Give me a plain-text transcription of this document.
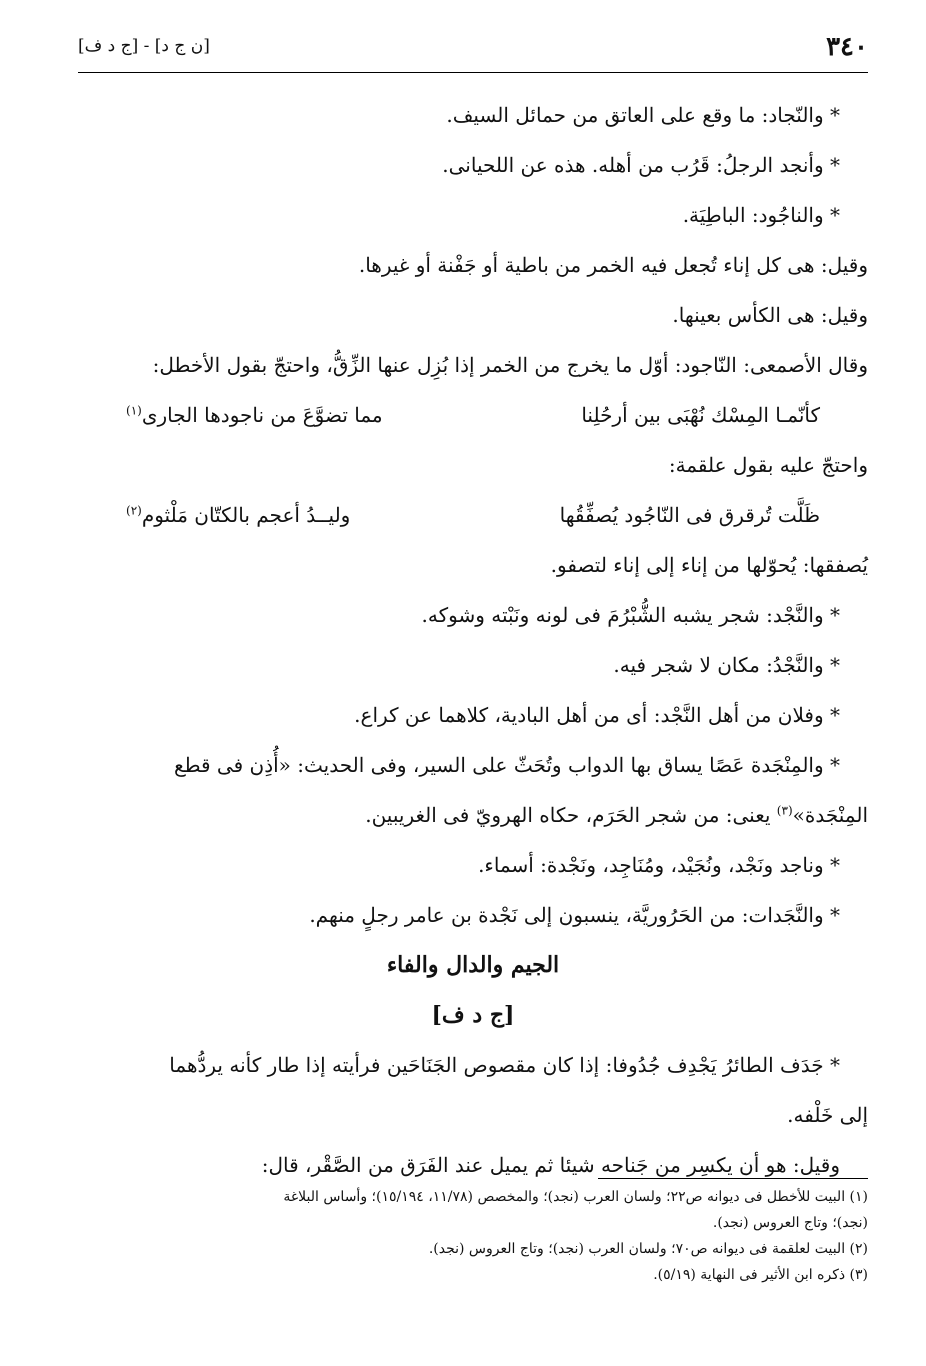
٣٤٠
[ن ج د] - [ج د ف]

* والنّجاد: ما وقع على العاتق من حمائل السيف.

* وأنجد الرجلُ: قَرُب من أهله. هذه عن اللحيانى.

* والناجُود: الباطِيَة.

وقيل: هى كل إناء تُجعل فيه الخمر من باطية أو جَفْنة أو غيرها.

وقيل: هى الكأس بعينها.

وقال الأصمعى: النّاجود: أوّل ما يخرج من الخمر إذا بُزِل عنها الزِّقُّ، واحتجّ بقول الأخطل:

كأنّمـا المِسْك نُهْبَى بين أرحُلِنا
مما تضوَّعَ من ناجودها الجارى$^{(١)}$

واحتجّ عليه بقول علقمة:

ظَلَّت تُرقرق فى النّاجُود يُصفِّقُها
وليــدُ أعجم بالكتّان مَلْثوم$^{(٢)}$

يُصفقها: يُحوّلها من إناء إلى إناء لتصفو.

* والنَّجْد: شجر يشبه الشُّبْرُمَ فى لونه ونَبْته وشوكه.

* والنَّجْدُ: مكان لا شجر فيه.

* وفلان من أهل النَّجْد: أى من أهل البادية، كلاهما عن كراع.

* والمِنْجَدة عَصًا يساق بها الدواب وتُحَثّ على السير، وفى الحديث: «أُذِن فى قطع

المِنْجَدة»$^{(٣)}$ يعنى: من شجر الحَرَم، حكاه الهرويّ فى الغريبين.

* وناجد ونَجْد، ونُجَيْد، ومُنَاجِد، ونَجْدة: أسماء.

* والنَّجَدات: من الحَرُوريَّة، ينسبون إلى نَجْدة بن عامر رجلٍ منهم.

الجيم والدال والفاء
[ج د ف]

* جَدَف الطائرُ يَجْدِف جُدُوفا: إذا كان مقصوص الجَنَاحَين فرأيته إذا طار كأنه يردُّهما

إلى خَلْفه.

وقيل: هو أن يكسِر من جَناحه شيئا ثم يميل عند الفَرَق من الصَّقْر، قال:

(١) البيت للأخطل فى ديوانه ص٢٢؛ ولسان العرب (نجد)؛ والمخصص (١١/٧٨، ١٥/١٩٤)؛ وأساس البلاغة

(نجد)؛ وتاج العروس (نجد).

(٢) البيت لعلقمة فى ديوانه ص٧٠؛ ولسان العرب (نجد)؛ وتاج العروس (نجد).

(٣) ذكره ابن الأثير فى النهاية (٥/١٩).
